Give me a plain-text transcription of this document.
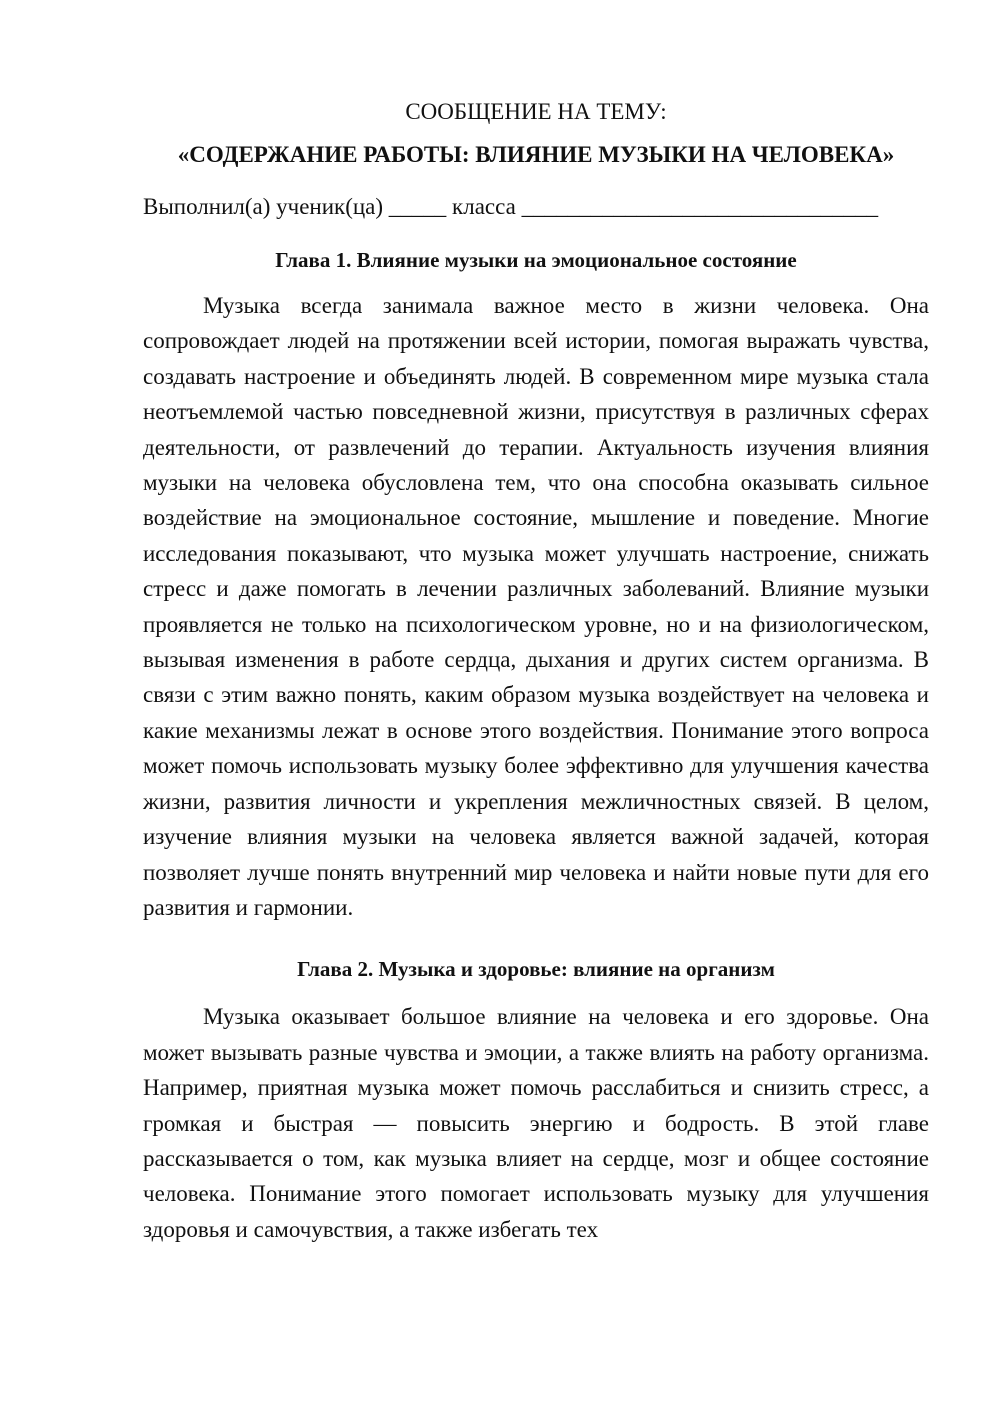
СООБЩЕНИЕ НА ТЕМУ:
«СОДЕРЖАНИЕ РАБОТЫ: ВЛИЯНИЕ МУЗЫКИ НА ЧЕЛОВЕКА»
Выполнил(а) ученик(ца) _____ класса _______________________________
Глава 1. Влияние музыки на эмоциональное состояние

Музыка всегда занимала важное место в жизни человека. Она сопровождает людей на протяжении всей истории, помогая выражать чувства, создавать настроение и объединять людей. В современном мире музыка стала неотъемлемой частью повседневной жизни, присутствуя в различных сферах деятельности, от развлечений до терапии. Актуальность изучения влияния музыки на человека обусловлена тем, что она способна оказывать сильное воздействие на эмоциональное состояние, мышление и поведение. Многие исследования показывают, что музыка может улучшать настроение, снижать стресс и даже помогать в лечении различных заболеваний. Влияние музыки проявляется не только на психологическом уровне, но и на физиологическом, вызывая изменения в работе сердца, дыхания и других систем организма. В связи с этим важно понять, каким образом музыка воздействует на человека и какие механизмы лежат в основе этого воздействия. Понимание этого вопроса может помочь использовать музыку более эффективно для улучшения качества жизни, развития личности и укрепления межличностных связей. В целом, изучение влияния музыки на человека является важной задачей, которая позволяет лучше понять внутренний мир человека и найти новые пути для его развития и гармонии.

Глава 2. Музыка и здоровье: влияние на организм

Музыка оказывает большое влияние на человека и его здоровье. Она может вызывать разные чувства и эмоции, а также влиять на работу организма. Например, приятная музыка может помочь расслабиться и снизить стресс, а громкая и быстрая — повысить энергию и бодрость. В этой главе рассказывается о том, как музыка влияет на сердце, мозг и общее состояние человека. Понимание этого помогает использовать музыку для улучшения здоровья и самочувствия, а также избегать тех
